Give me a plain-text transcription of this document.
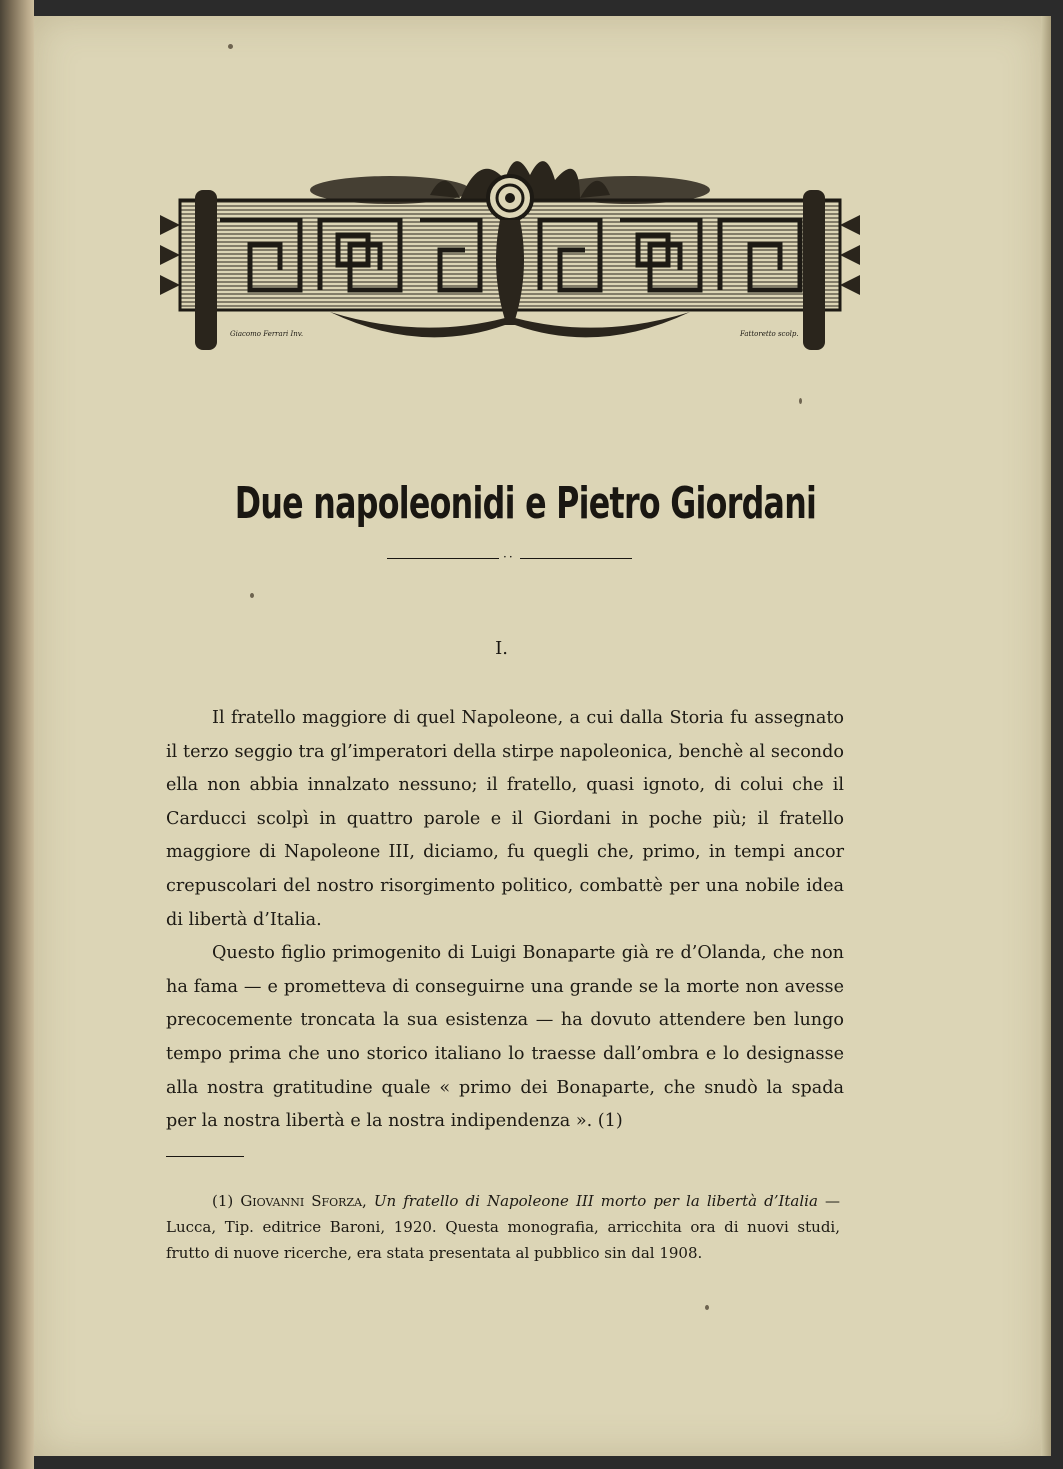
Giacomo Ferrari Inv.	Fattoretto scolp.
Due napoleonidi e Pietro Giordani
··
I.

Il fratello maggiore di quel Napoleone, a cui dalla Storia fu assegnato il terzo seggio tra gl’imperatori della stirpe napoleonica, benchè al secondo ella non abbia innalzato nessuno; il fratello, quasi ignoto, di colui che il Carducci scolpì in quattro parole e il Giordani in poche più; il fratello maggiore di Napoleone III, diciamo, fu quegli che, primo, in tempi ancor crepuscolari del nostro risorgimento politico, combattè per una nobile idea di libertà d’Italia.

Questo figlio primogenito di Luigi Bonaparte già re d’Olanda, che non ha fama — e prometteva di conseguirne una grande se la morte non avesse precocemente troncata la sua esistenza — ha dovuto attendere ben lungo tempo prima che uno storico italiano lo traesse dall’ombra e lo designasse alla nostra gratitudine quale « primo dei Bonaparte, che snudò la spada per la nostra libertà e la nostra indipendenza ». (1)

(1) Giovanni Sforza, Un fratello di Napoleone III morto per la libertà d’Italia — Lucca, Tip. editrice Baroni, 1920. Questa monografia, arricchita ora di nuovi studi, frutto di nuove ricerche, era stata presentata al pubblico sin dal 1908.
